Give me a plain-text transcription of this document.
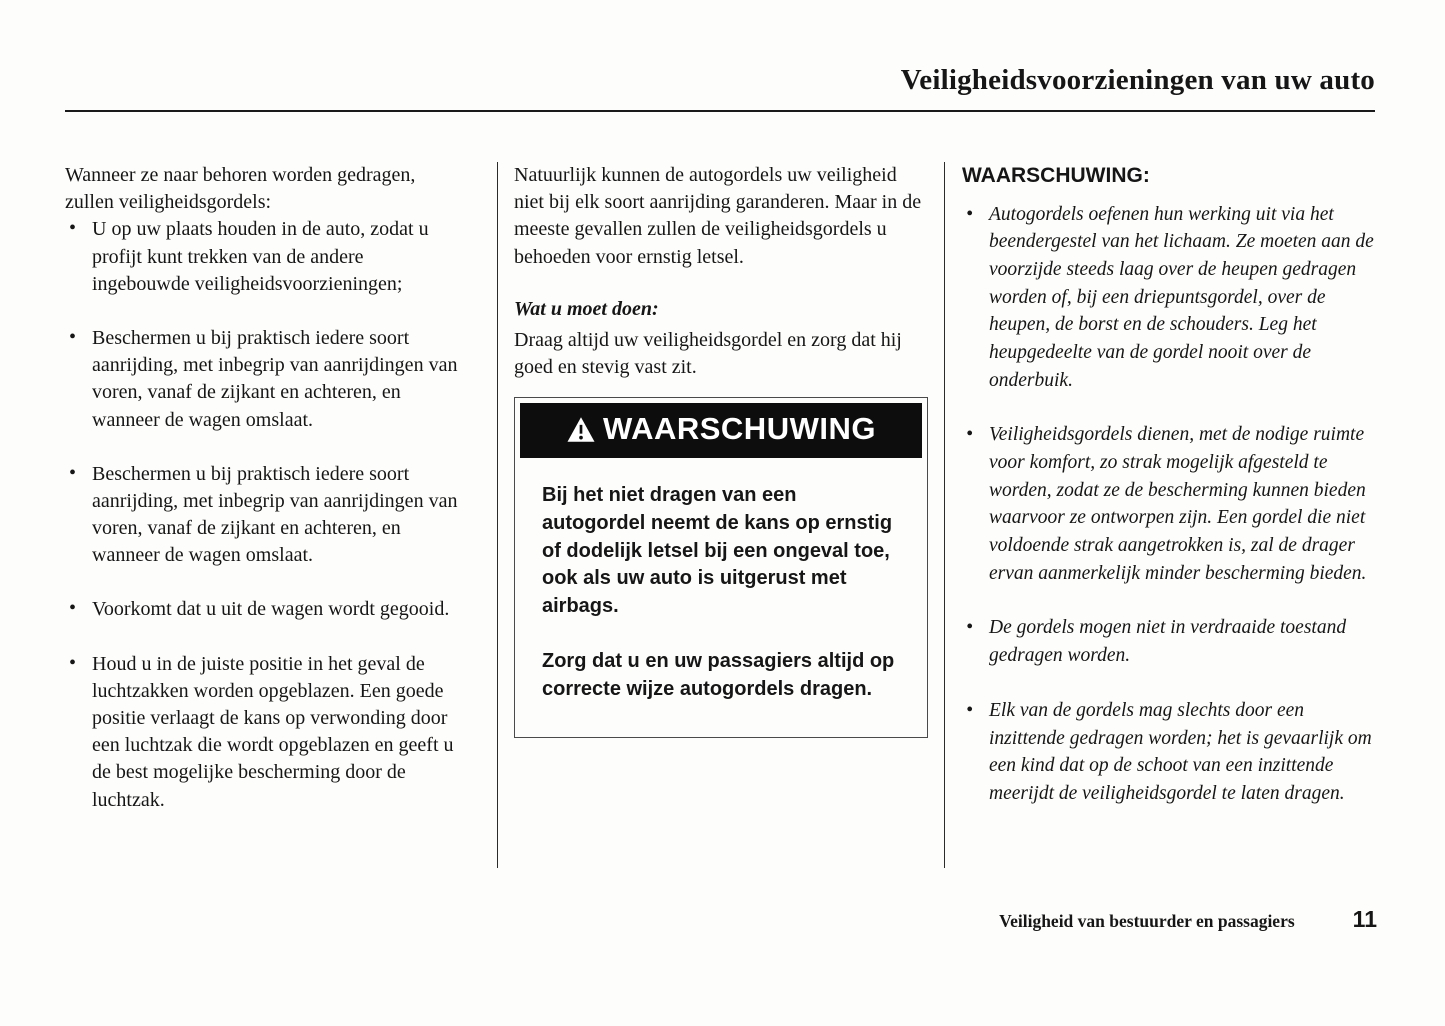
Veiligheidsvoorzieningen van uw auto

Wanneer ze naar behoren worden gedragen, zullen veiligheidsgordels:

• U op uw plaats houden in de auto, zodat u profijt kunt trekken van de andere ingebouwde veiligheidsvoorzieningen;
• Beschermen u bij praktisch iedere soort aanrijding, met inbegrip van aanrijdingen van voren, vanaf de zijkant en achteren, en wanneer de wagen omslaat.
• Beschermen u bij praktisch iedere soort aanrijding, met inbegrip van aanrijdingen van voren, vanaf de zijkant en achteren, en wanneer de wagen omslaat.
• Voorkomt dat u uit de wagen wordt gegooid.
• Houd u in de juiste positie in het geval de luchtzakken worden opgeblazen. Een goede positie verlaagt de kans op verwonding door een luchtzak die wordt opgeblazen en geeft u de best mogelijke bescherming door de luchtzak.

Natuurlijk kunnen de autogordels uw veiligheid niet bij elk soort aanrijding garanderen. Maar in de meeste gevallen zullen de veiligheidsgordels u behoeden voor ernstig letsel.

Wat u moet doen:

Draag altijd uw veiligheidsgordel en zorg dat hij goed en stevig vast zit.

WAARSCHUWING

Bij het niet dragen van een autogordel neemt de kans op ernstig of dodelijk letsel bij een ongeval toe, ook als uw auto is uitgerust met airbags.

Zorg dat u en uw passagiers altijd op correcte wijze autogordels dragen.

WAARSCHUWING:
• Autogordels oefenen hun werking uit via het beendergestel van het lichaam. Ze moeten aan de voorzijde steeds laag over de heupen gedragen worden of, bij een driepuntsgordel, over de heupen, de borst en de schouders. Leg het heupgedeelte van de gordel nooit over de onderbuik.
• Veiligheidsgordels dienen, met de nodige ruimte voor komfort, zo strak mogelijk afgesteld te worden, zodat ze de bescherming kunnen bieden waarvoor ze ontworpen zijn. Een gordel die niet voldoende strak aangetrokken is, zal de drager ervan aanmerkelijk minder bescherming bieden.
• De gordels mogen niet in verdraaide toestand gedragen worden.
• Elk van de gordels mag slechts door een inzittende gedragen worden; het is gevaarlijk om een kind dat op de schoot van een inzittende meerijdt de veiligheidsgordel te laten dragen.
Veiligheid van bestuurder en passagiers	11
